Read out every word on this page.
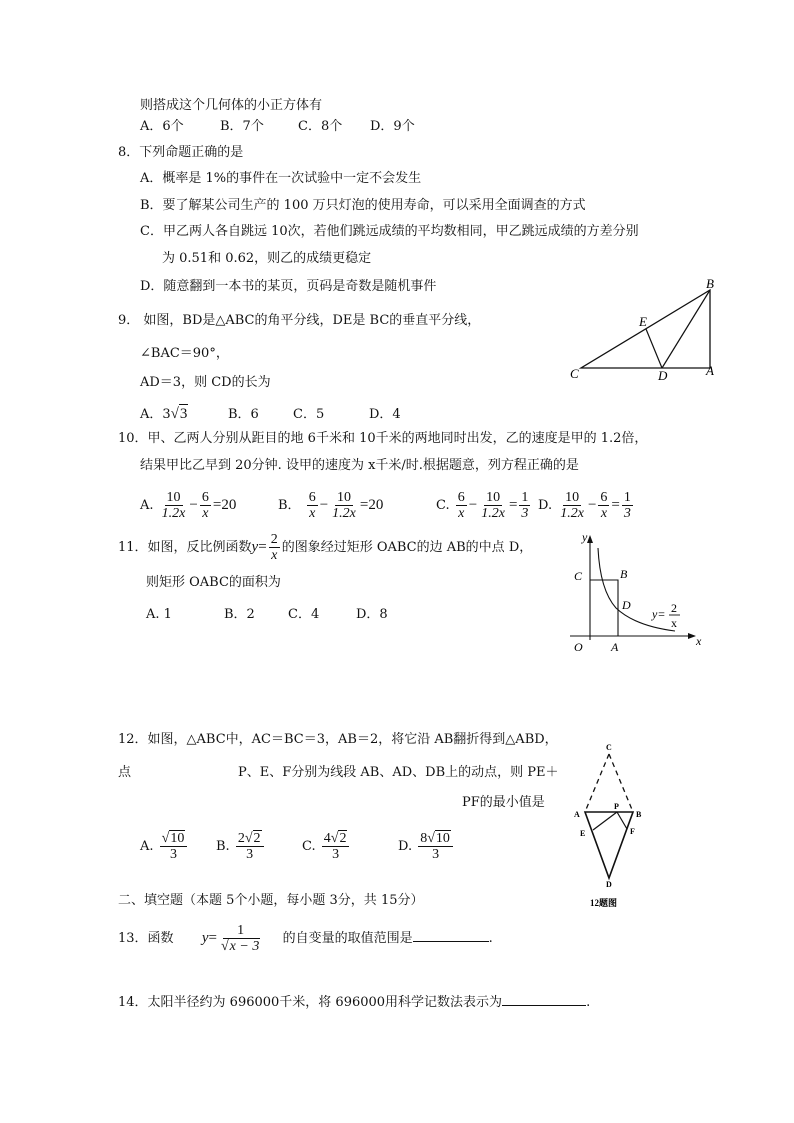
则搭成这个几何体的小正方体有
A．6个	B．7个	C．8个 D．9个
8．下列命题正确的是
A．概率是 1%的事件在一次试验中一定不会发生
B．要了解某公司生产的 100 万只灯泡的使用寿命，可以采用全面调查的方式
C．甲乙两人各自跳远 10次，若他们跳远成绩的平均数相同，甲乙跳远成绩的方差分别
为 0.51和 0.62，则乙的成绩更稳定
D．随意翻到一本书的某页，页码是奇数是随机事件
9． 如图，BD是△ABC的角平分线，DE是 BC的垂直平分线，
∠BAC＝90°，
AD＝3，则 CD的长为
A．3√3	B．6	C．5	D．4
B
E
C	D	A
10．甲、乙两人分别从距目的地 6千米和 10千米的两地同时出发，乙的速度是甲的 1.2倍，
结果甲比乙早到 20分钟. 设甲的速度为 x千米/时.根据题意，列方程正确的是
A. $\frac{10}{1.2x} - \frac{6}{x} =20$	B． $\frac{6}{x} - \frac{10}{1.2x} =20$	C. $\frac{6}{x} - \frac{10}{1.2x} = \frac{1}{3} D$. $\frac{10}{1.2x} - \frac{6}{x} = \frac{1}{3}$
11．如图，反比例函数$y= \frac{2}{x}$ 的图象经过矩形 OABC的边 AB的中点 D，
则矩形 OABC的面积为
A. 1	B．2	C．4	D．8
y
x
C	B
D
O A
y= 2
x
12．如图，△ABC中，AC＝BC＝3，AB＝2，将它沿 AB翻折得到△ABD，
点	P、E、F分别为线段 AB、AD、DB上的动点，则 PE＋
PF的最小值是
A. $\frac{√10}{3} B$. $\frac{2√2}{3}$	C. $\frac{4√2}{3}$	D. $\frac{8√10}{3}$
C
P
A	B
E	F
D
12题图
二、填空题（本题 5个小题，每小题 3分，共 15分）
13．函数 $y= \frac{1}{√x - 3}$ 的自变量的取值范围是	.
14．太阳半径约为 696000千米，将 696000用科学记数法表示为	.
